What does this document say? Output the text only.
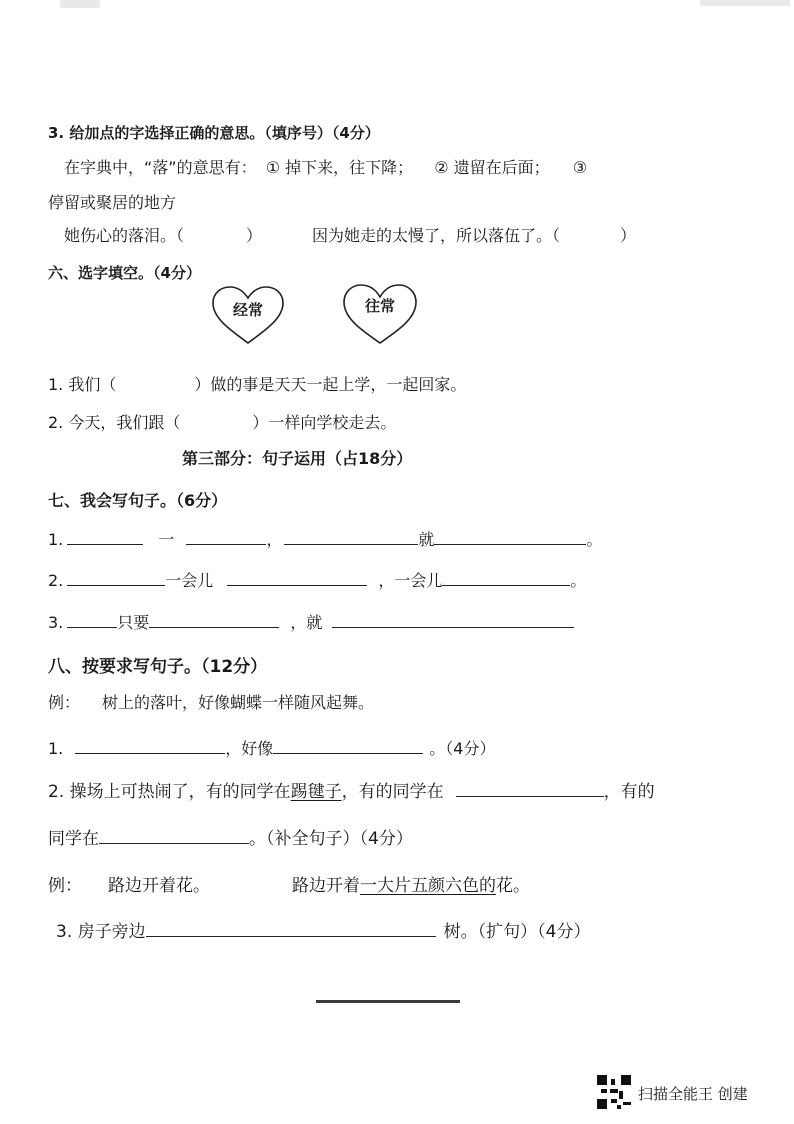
3. 给加点的字选择正确的意思。（填序号）（4分）
在字典中，“落”的意思有： ① 掉下来，往下降； ② 遗留在后面； ③
停留或聚居的地方
她伤心的落泪。（	）	因为她走的太慢了，所以落伍了。（	）
六、选字填空。（4分）
经常	往常
1. 我们（	）做的事是天天一起上学，一起回家。
2. 今天，我们跟（	）一样向学校走去。
第三部分：句子运用（占18分）
七、我会写句子。（6分）
1.	一	，	就	。
2.	一会儿	，一会儿	。
3.	只要	，就
八、按要求写句子。（12分）
例： 树上的落叶，好像蝴蝶一样随风起舞。
1.	，好像	。（4分）
2. 操场上可热闹了，有的同学在踢毽子，有的同学在	，有的
同学在	。（补全句子）（4分）
例： 路边开着花。	路边开着一大片五颜六色的花。
3. 房子旁边	树。（扩句）（4分）
扫描全能王 创建
